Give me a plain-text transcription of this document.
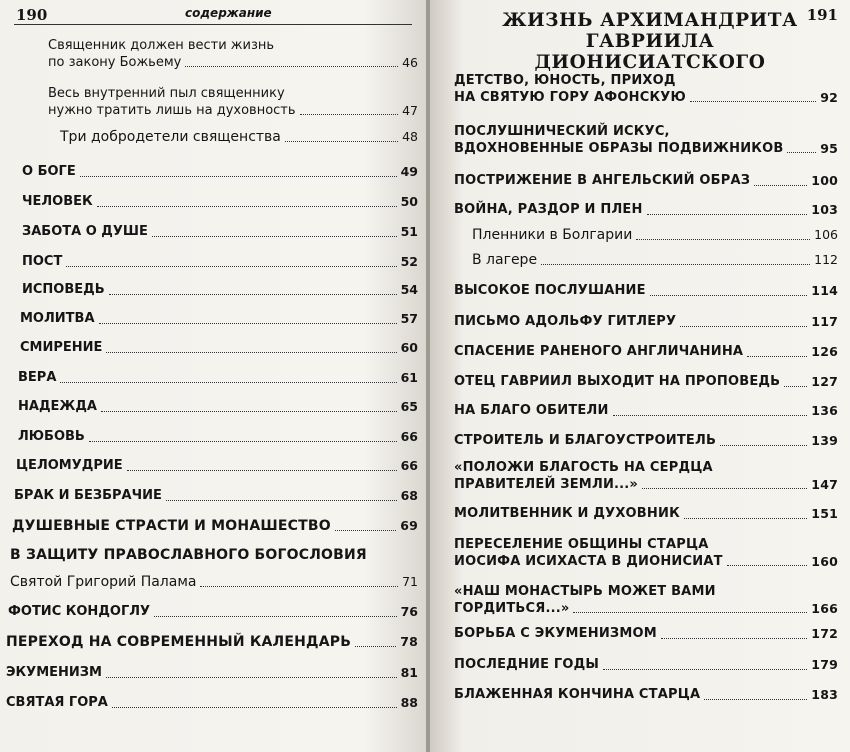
190	содержание
Священник должен вести жизнь
по закону Божьему	46
Весь внутренний пыл священнику
нужно тратить лишь на духовность	47
Три добродетели священства	48
О БОГЕ	49
ЧЕЛОВЕК	50
ЗАБОТА О ДУШЕ	51
ПОСТ	52
ИСПОВЕДЬ	54
МОЛИТВА	57
СМИРЕНИЕ	60
ВЕРА	61
НАДЕЖДА	65
ЛЮБОВЬ	66
ЦЕЛОМУДРИЕ	66
БРАК И БЕЗБРАЧИЕ	68
ДУШЕВНЫЕ СТРАСТИ И МОНАШЕСТВО	69
В ЗАЩИТУ ПРАВОСЛАВНОГО БОГОСЛОВИЯ
Святой Григорий Палама	71
ФОТИС КОНДОГЛУ	76
ПЕРЕХОД НА СОВРЕМЕННЫЙ КАЛЕНДАРЬ	78
ЭКУМЕНИЗМ	81
СВЯТАЯ ГОРА	88
191
ЖИЗНЬ АРХИМАНДРИТА ГАВРИИЛА
ДИОНИСИАТСКОГО
ДЕТСТВО, ЮНОСТЬ, ПРИХОД
НА СВЯТУЮ ГОРУ АФОНСКУЮ	92
ПОСЛУШНИЧЕСКИЙ ИСКУС,
ВДОХНОВЕННЫЕ ОБРАЗЫ ПОДВИЖНИКОВ	95
ПОСТРИЖЕНИЕ В АНГЕЛЬСКИЙ ОБРАЗ	100
ВОЙНА, РАЗДОР И ПЛЕН	103
Пленники в Болгарии	106
В лагере	112
ВЫСОКОЕ ПОСЛУШАНИЕ	114
ПИСЬМО АДОЛЬФУ ГИТЛЕРУ	117
СПАСЕНИЕ РАНЕНОГО АНГЛИЧАНИНА	126
ОТЕЦ ГАВРИИЛ ВЫХОДИТ НА ПРОПОВЕДЬ 127
НА БЛАГО ОБИТЕЛИ	136
СТРОИТЕЛЬ И БЛАГОУСТРОИТЕЛЬ	139
«ПОЛОЖИ БЛАГОСТЬ НА СЕРДЦА
ПРАВИТЕЛЕЙ ЗЕМЛИ...»	147
МОЛИТВЕННИК И ДУХОВНИК	151
ПЕРЕСЕЛЕНИЕ ОБЩИНЫ СТАРЦА
ИОСИФА ИСИХАСТА В ДИОНИСИАТ	160
«НАШ МОНАСТЫРЬ МОЖЕТ ВАМИ
ГОРДИТЬСЯ...»	166
БОРЬБА С ЭКУМЕНИЗМОМ	172
ПОСЛЕДНИЕ ГОДЫ	179
БЛАЖЕННАЯ КОНЧИНА СТАРЦА	183
